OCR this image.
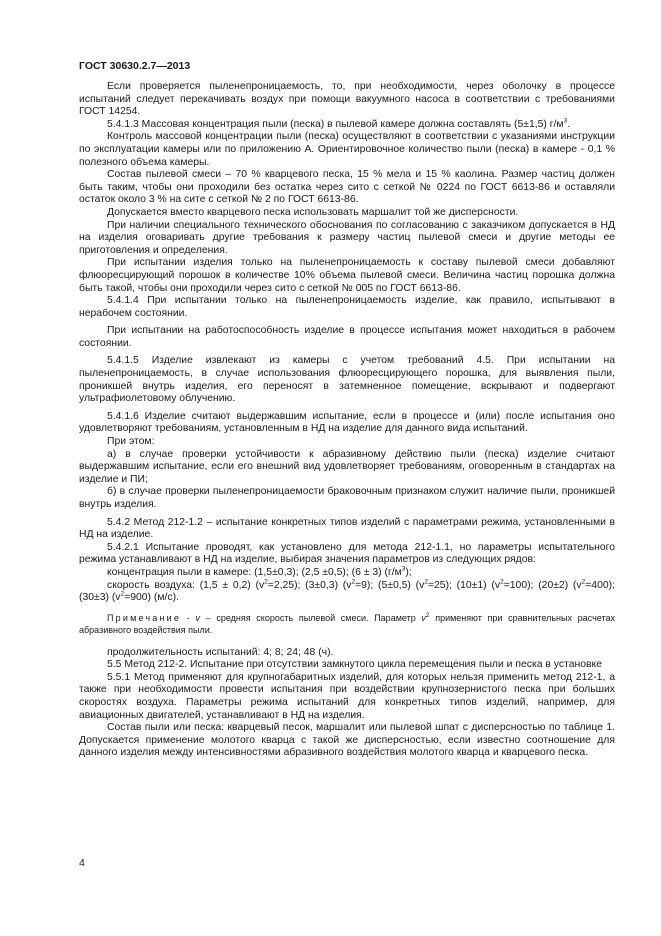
ГОСТ 30630.2.7—2013

Если проверяется пыленепроницаемость, то, при необходимости, через оболочку в процессе испытаний следует перекачивать воздух при помощи вакуумного насоса в соответствии с требованиями ГОСТ 14254.

5.4.1.3 Массовая концентрация пыли (песка) в пылевой камере должна составлять (5±1,5) $г/м^3$.

Контроль массовой концентрации пыли (песка) осуществляют в соответствии с указаниями инструкции по эксплуатации камеры или по приложению А. Ориентировочное количество пыли (песка) в камере - 0,1 % полезного объема камеры.

Состав пылевой смеси – 70 % кварцевого песка, 15 % мела и 15 % каолина. Размер частиц должен быть таким, чтобы они проходили без остатка через сито с сеткой № 0224 по ГОСТ 6613-86 и оставляли остаток около 3 % на сите с сеткой № 2 по ГОСТ 6613-86.

Допускается вместо кварцевого песка использовать маршалит той же дисперсности.

При наличии специального технического обоснования по согласованию с заказчиком допускается в НД на изделия оговаривать другие требования к размеру частиц пылевой смеси и другие методы ее приготовления и определения.

При испытании изделия только на пыленепроницаемость к составу пылевой смеси добавляют флюоресцирующий порошок в количестве 10% объема пылевой смеси. Величина частиц порошка должна быть такой, чтобы они проходили через сито с сеткой № 005 по ГОСТ 6613-86.

5.4.1.4 При испытании только на пыленепроницаемость изделие, как правило, испытывают в нерабочем состоянии.

При испытании на работоспособность изделие в процессе испытания может находиться в рабочем состоянии.

5.4.1.5 Изделие извлекают из камеры с учетом требований 4.5. При испытании на пыленепроницаемость, в случае использования флюоресцирующего порошка, для выявления пыли, проникшей внутрь изделия, его переносят в затемненное помещение, вскрывают и подвергают ультрафиолетовому облучению.

5.4.1.6 Изделие считают выдержавшим испытание, если в процессе и (или) после испытания оно удовлетворяют требованиям, установленным в НД на изделие для данного вида испытаний.

При этом:

а) в случае проверки устойчивости к абразивному действию пыли (песка) изделие считают выдержавшим испытание, если его внешний вид удовлетворяет требованиям, оговоренным в стандартах на изделие и ПИ;

б) в случае проверки пыленепроницаемости браковочным признаком служит наличие пыли, проникшей внутрь изделия.

5.4.2 Метод 212-1.2 – испытание конкретных типов изделий с параметрами режима, установленными в НД на изделие.

5.4.2.1 Испытание проводят, как установлено для метода 212-1.1, но параметры испытательного режима устанавливают в НД на изделие, выбирая значения параметров из следующих рядов:

концентрация пыли в камере: (1,5±0,3); (2,5 ±0,5); (6 ± 3) $(г/м^3)$;

скорость воздуха: (1,5 ± 0,2) $(v^2=2,25)$; (3±0,3) $(v^2=9)$; (5±0,5) $(v^2=25)$; (10±1) $(v^2=100)$; (20±2) $(v^2=400)$; (30±3) $(v^2=900)$ (м/с).

Примечание - v – средняя скорость пылевой смеси. Параметр $v^2$ применяют при сравнительных расчетах абразивного воздействия пыли.

продолжительность испытаний: 4; 8; 24; 48 (ч).

5.5 Метод 212-2. Испытание при отсутствии замкнутого цикла перемещения пыли и песка в установке

5.5.1 Метод применяют для крупногабаритных изделий, для которых нельзя применить метод 212-1, а также при необходимости провести испытания при воздействии крупнозернистого песка при больших скоростях воздуха. Параметры режима испытаний для конкретных типов изделий, например, для авиационных двигателей, устанавливают в НД на изделия.

Состав пыли или песка: кварцевый песок, маршалит или пылевой шпат с дисперсностью по таблице 1. Допускается применение молотого кварца с такой же дисперсностью, если известно соотношение для данного изделия между интенсивностями абразивного воздействия молотого кварца и кварцевого песка.

4
